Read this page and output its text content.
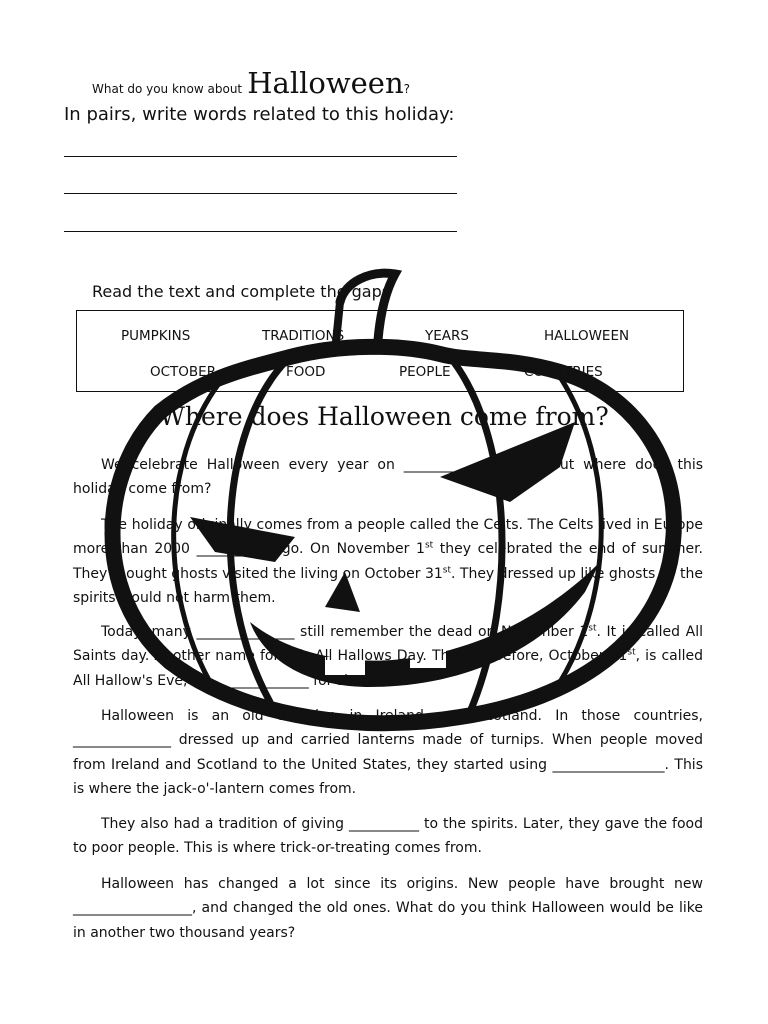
What do you know about Halloween?
In pairs, write words related to this holiday:
Read the text and complete the gaps
PUMPKINS	TRADITIONS	YEARS	HALLOWEEN
OCTOBER	FOOD	PEOPLE	COUNTRIES
Where does Halloween come from?

We celebrate Halloween every year on ______________ 31st. But where does this holiday come from?

The holiday originally comes from a people called the Celts. The Celts lived in Europe more than 2000 __________ ago. On November 1st they celebrated the end of summer. They thought ghosts visited the living on October 31st. They dressed up like ghosts so the spirits would not harm them.

Today, many ______________ still remember the dead on November 1st. It is called All Saints day. Another name for it is All Hallows Day. The day before, October 31st, is called All Hallow's Eve, or ______________ for short.

Halloween is an old tradition in Ireland and Scotland. In those countries, ______________ dressed up and carried lanterns made of turnips. When people moved from Ireland and Scotland to the United States, they started using ________________. This is where the jack-o'-lantern comes from.

They also had a tradition of giving __________ to the spirits. Later, they gave the food to poor people. This is where trick-or-treating comes from.

Halloween has changed a lot since its origins. New people have brought new _________________, and changed the old ones. What do you think Halloween would be like in another two thousand years?
